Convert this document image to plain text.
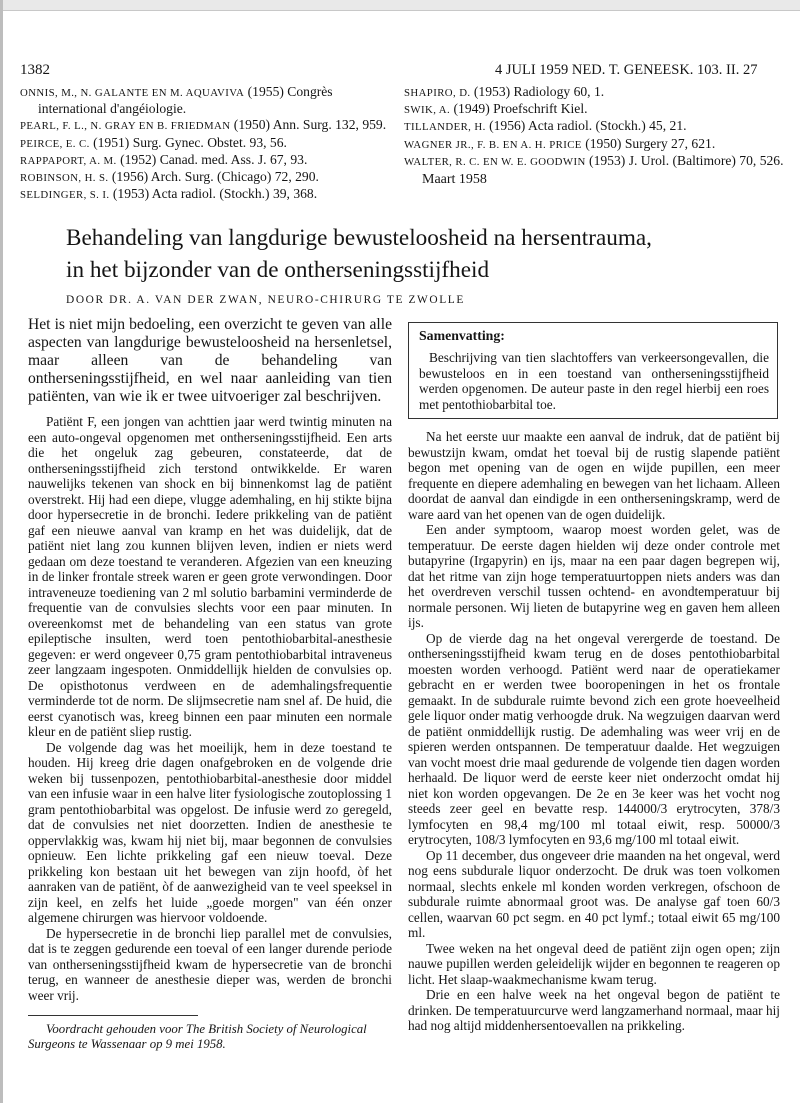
1382	4 JULI 1959 NED. T. GENEESK. 103. II. 27

ONNIS, M., N. GALANTE EN M. AQUAVIVA (1955) Congrès international d'angéiologie.

PEARL, F. L., N. GRAY EN B. FRIEDMAN (1950) Ann. Surg. 132, 959.

PEIRCE, E. C. (1951) Surg. Gynec. Obstet. 93, 56.

RAPPAPORT, A. M. (1952) Canad. med. Ass. J. 67, 93.

ROBINSON, H. S. (1956) Arch. Surg. (Chicago) 72, 290.

SELDINGER, S. I. (1953) Acta radiol. (Stockh.) 39, 368.

SHAPIRO, D. (1953) Radiology 60, 1.

SWIK, A. (1949) Proefschrift Kiel.

TILLANDER, H. (1956) Acta radiol. (Stockh.) 45, 21.

WAGNER JR., F. B. EN A. H. PRICE (1950) Surgery 27, 621.

WALTER, R. C. EN W. E. GOODWIN (1953) J. Urol. (Baltimore) 70, 526.

Maart 1958
Behandeling van langdurige bewusteloosheid na hersentrauma,
in het bijzonder van de ontherseningsstijfheid
DOOR DR. A. VAN DER ZWAN, NEURO-CHIRURG TE ZWOLLE

Het is niet mijn bedoeling, een overzicht te geven van alle aspecten van langdurige bewusteloosheid na hersenletsel, maar alleen van de behandeling van ontherseningsstijfheid, en wel naar aanleiding van tien patiënten, van wie ik er twee uitvoeriger zal beschrijven.

Patiënt F, een jongen van achttien jaar werd twintig minuten na een auto-ongeval opgenomen met ontherseningsstijfheid. Een arts die het ongeluk zag gebeuren, constateerde, dat de ontherseningsstijfheid zich terstond ontwikkelde. Er waren nauwelijks tekenen van shock en bij binnenkomst lag de patiënt overstrekt. Hij had een diepe, vlugge ademhaling, en hij stikte bijna door hypersecretie in de bronchi. Iedere prikkeling van de patiënt gaf een nieuwe aanval van kramp en het was duidelijk, dat de patiënt niet lang zou kunnen blijven leven, indien er niets werd gedaan om deze toestand te veranderen. Afgezien van een kneuzing in de linker frontale streek waren er geen grote verwondingen. Door intraveneuze toediening van 2 ml solutio barbamini verminderde de frequentie van de convulsies slechts voor een paar minuten. In overeenkomst met de behandeling van een status van grote epileptische insulten, werd toen pentothiobarbital-anesthesie gegeven: er werd ongeveer 0,75 gram pentothiobarbital intraveneus zeer langzaam ingespoten. Onmiddellijk hielden de convulsies op. De opisthotonus verdween en de ademhalingsfrequentie verminderde tot de norm. De slijmsecretie nam snel af. De huid, die eerst cyanotisch was, kreeg binnen een paar minuten een normale kleur en de patiënt sliep rustig.

De volgende dag was het moeilijk, hem in deze toestand te houden. Hij kreeg drie dagen onafgebroken en de volgende drie weken bij tussenpozen, pentothiobarbital-anesthesie door middel van een infusie waar in een halve liter fysiologische zoutoplossing 1 gram pentothiobarbital was opgelost. De infusie werd zo geregeld, dat de convulsies net niet doorzetten. Indien de anesthesie te oppervlakkig was, kwam hij niet bij, maar begonnen de convulsies opnieuw. Een lichte prikkeling gaf een nieuw toeval. Deze prikkeling kon bestaan uit het bewegen van zijn hoofd, òf het aanraken van de patiënt, òf de aanwezigheid van te veel speeksel in zijn keel, en zelfs het luide „goede morgen" van één onzer algemene chirurgen was hiervoor voldoende.

De hypersecretie in de bronchi liep parallel met de convulsies, dat is te zeggen gedurende een toeval of een langer durende periode van ontherseningsstijfheid kwam de hypersecretie van de bronchi terug, en wanneer de anesthesie dieper was, werden de bronchi weer vrij.

Voordracht gehouden voor The British Society of Neurological Surgeons te Wassenaar op 9 mei 1958.

Samenvatting:

Beschrijving van tien slachtoffers van verkeersongevallen, die bewusteloos en in een toestand van ontherseningsstijfheid werden opgenomen. De auteur paste in den regel hierbij een roes met pentothiobarbital toe.

Na het eerste uur maakte een aanval de indruk, dat de patiënt bij bewustzijn kwam, omdat het toeval bij de rustig slapende patiënt begon met opening van de ogen en wijde pupillen, een meer frequente en diepere ademhaling en bewegen van het lichaam. Alleen doordat de aanval dan eindigde in een ontherseningskramp, werd de ware aard van het openen van de ogen duidelijk.

Een ander symptoom, waarop moest worden gelet, was de temperatuur. De eerste dagen hielden wij deze onder controle met butapyrine (Irgapyrin) en ijs, maar na een paar dagen begrepen wij, dat het ritme van zijn hoge temperatuurtoppen niets anders was dan het overdreven verschil tussen ochtend- en avondtemperatuur bij normale personen. Wij lieten de butapyrine weg en gaven hem alleen ijs.

Op de vierde dag na het ongeval verergerde de toestand. De ontherseningsstijfheid kwam terug en de doses pentothiobarbital moesten worden verhoogd. Patiënt werd naar de operatiekamer gebracht en er werden twee booropeningen in het os frontale gemaakt. In de subdurale ruimte bevond zich een grote hoeveelheid gele liquor onder matig verhoogde druk. Na wegzuigen daarvan werd de patiënt onmiddellijk rustig. De ademhaling was weer vrij en de spieren werden ontspannen. De temperatuur daalde. Het wegzuigen van vocht moest drie maal gedurende de volgende tien dagen worden herhaald. De liquor werd de eerste keer niet onderzocht omdat hij niet kon worden opgevangen. De 2e en 3e keer was het vocht nog steeds zeer geel en bevatte resp. 144000/3 erytrocyten, 378/3 lymfocyten en 98,4 mg/100 ml totaal eiwit, resp. 50000/3 erytrocyten, 108/3 lymfocyten en 93,6 mg/100 ml totaal eiwit.

Op 11 december, dus ongeveer drie maanden na het ongeval, werd nog eens subdurale liquor onderzocht. De druk was toen volkomen normaal, slechts enkele ml konden worden verkregen, ofschoon de subdurale ruimte abnormaal groot was. De analyse gaf toen 60/3 cellen, waarvan 60 pct segm. en 40 pct lymf.; totaal eiwit 65 mg/100 ml.

Twee weken na het ongeval deed de patiënt zijn ogen open; zijn nauwe pupillen werden geleidelijk wijder en begonnen te reageren op licht. Het slaap-waakmechanisme kwam terug.

Drie en een halve week na het ongeval begon de patiënt te drinken. De temperatuurcurve werd langzamerhand normaal, maar hij had nog altijd middenhersentoevallen na prikkeling.
